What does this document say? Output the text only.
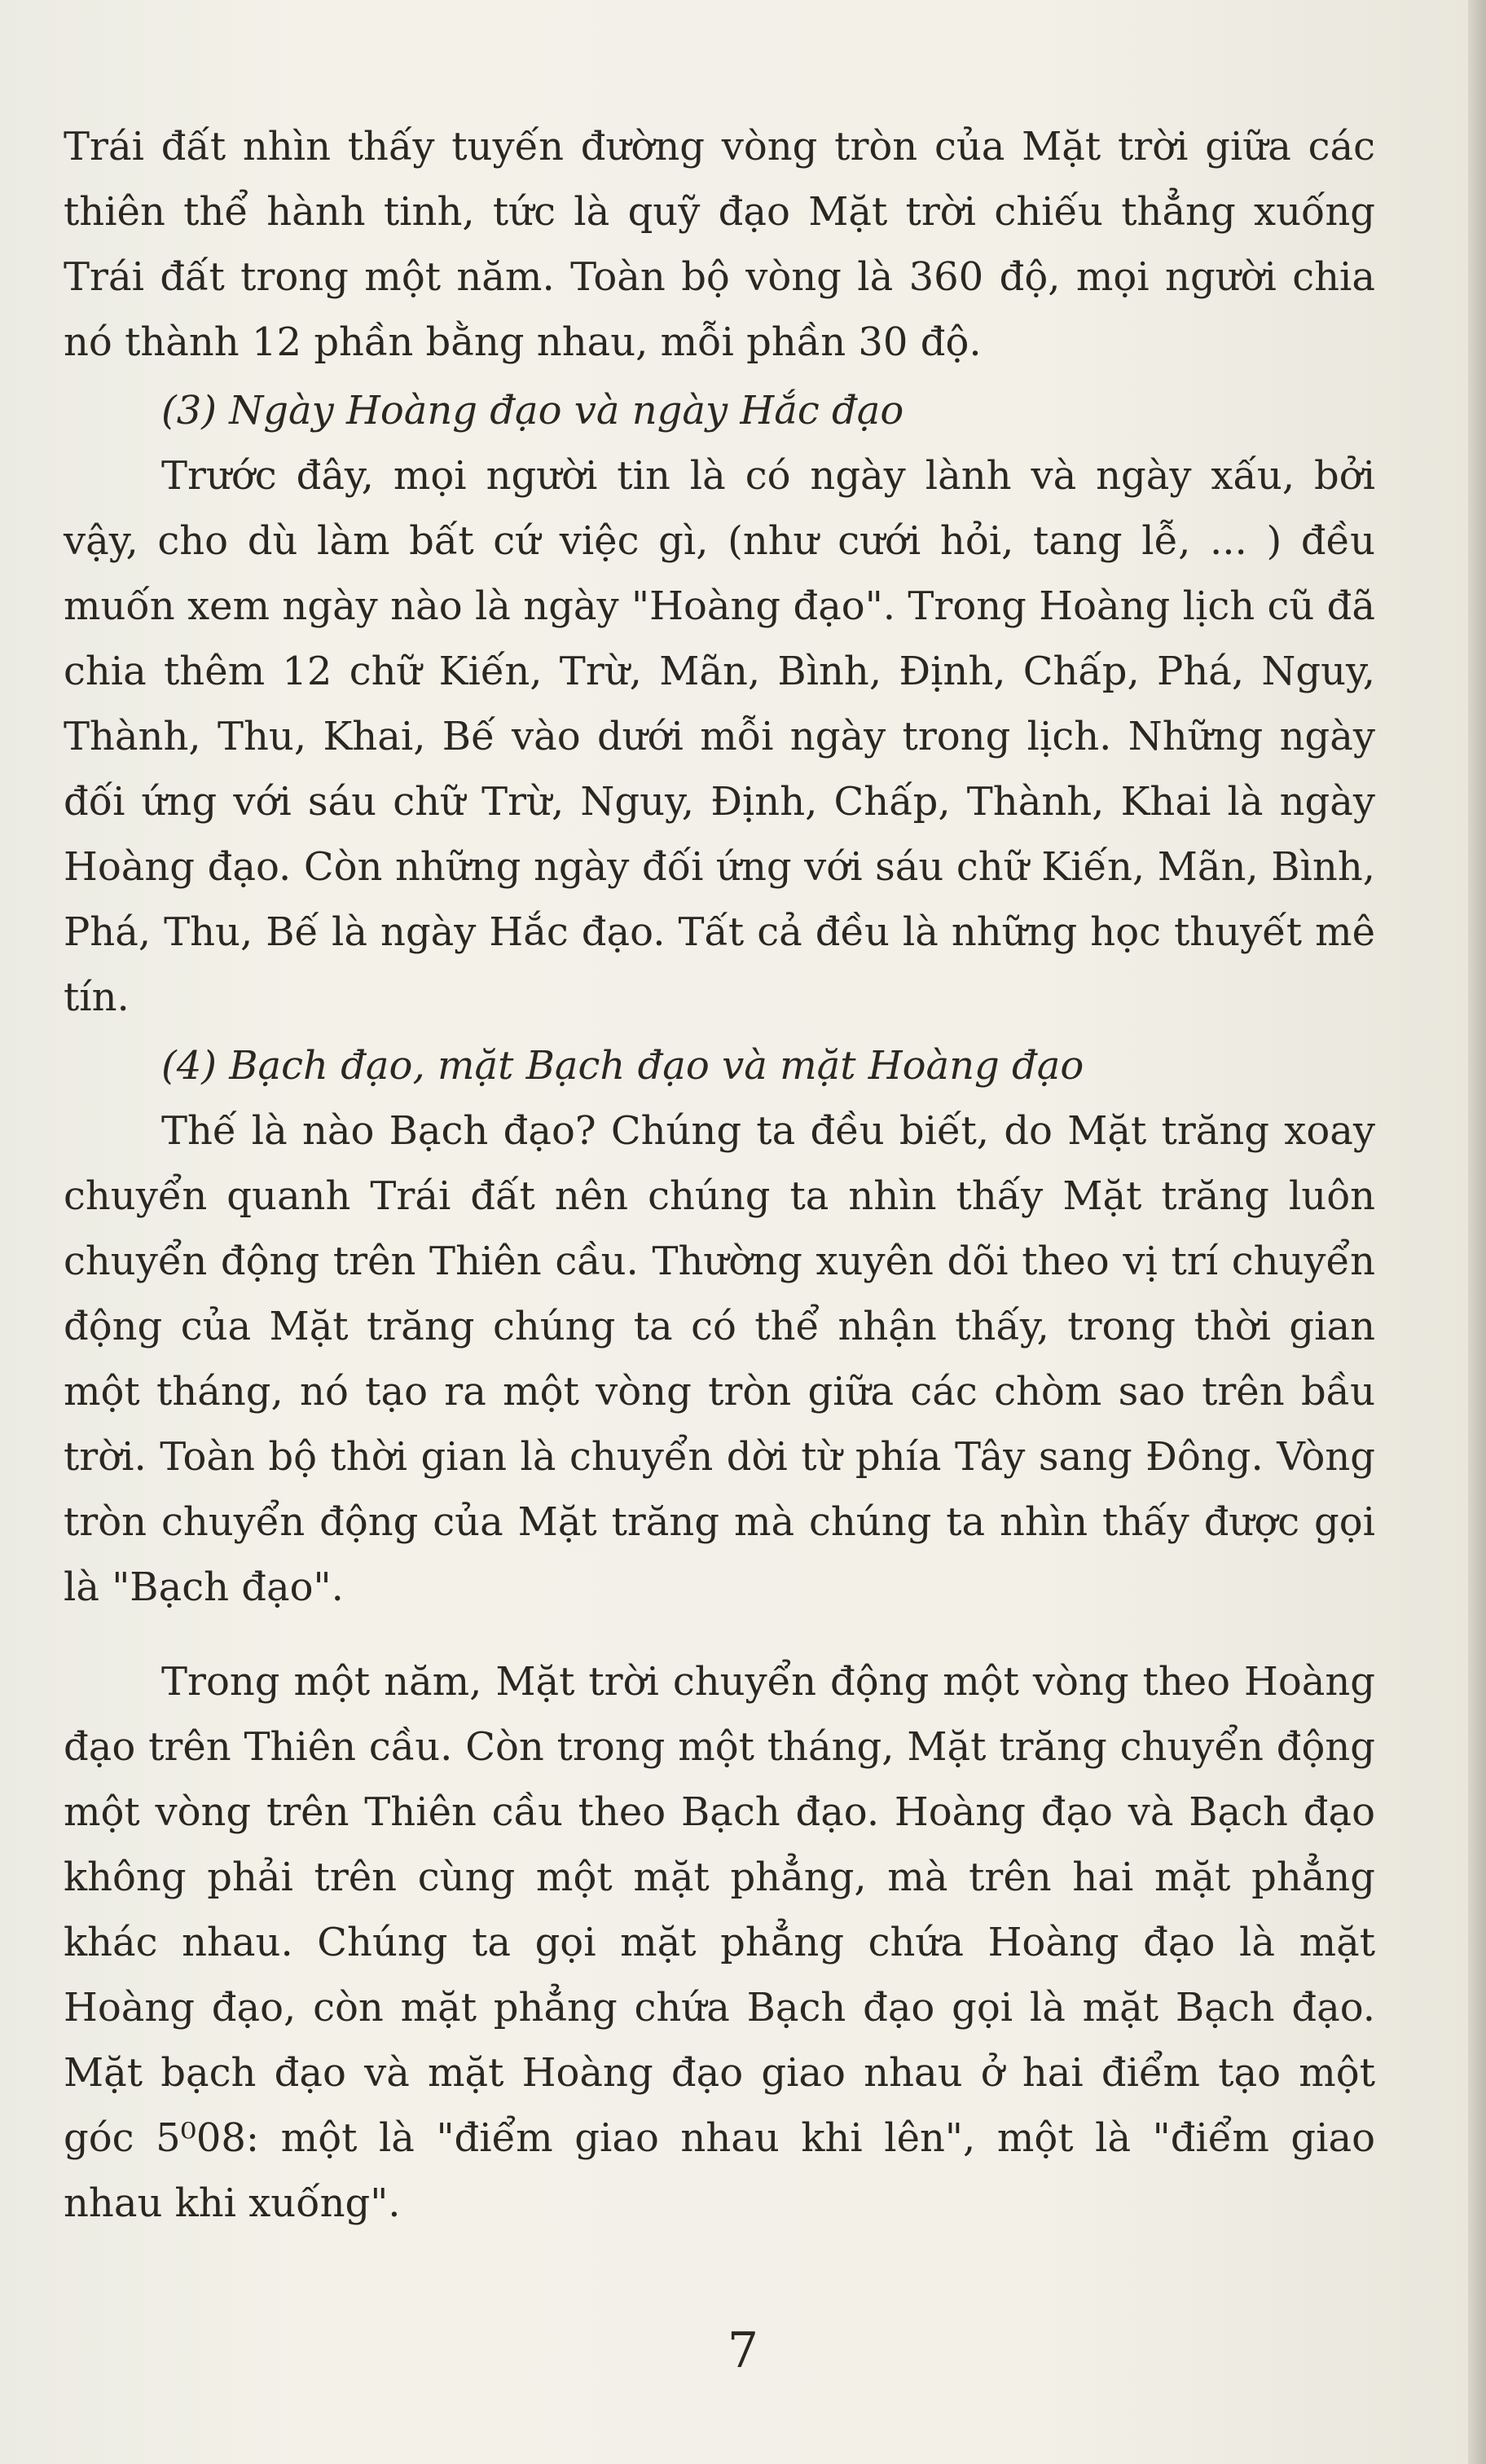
Trái đất nhìn thấy tuyến đường vòng tròn của Mặt trời giữa các thiên thể hành tinh, tức là quỹ đạo Mặt trời chiếu thẳng xuống Trái đất trong một năm. Toàn bộ vòng là 360 độ, mọi người chia nó thành 12 phần bằng nhau, mỗi phần 30 độ.

(3) Ngày Hoàng đạo và ngày Hắc đạo

Trước đây, mọi người tin là có ngày lành và ngày xấu, bởi vậy, cho dù làm bất cứ việc gì, (như cưới hỏi, tang lễ, ... ) đều muốn xem ngày nào là ngày "Hoàng đạo". Trong Hoàng lịch cũ đã chia thêm 12 chữ Kiến, Trừ, Mãn, Bình, Định, Chấp, Phá, Nguy, Thành, Thu, Khai, Bế vào dưới mỗi ngày trong lịch. Những ngày đối ứng với sáu chữ Trừ, Nguy, Định, Chấp, Thành, Khai là ngày Hoàng đạo. Còn những ngày đối ứng với sáu chữ Kiến, Mãn, Bình, Phá, Thu, Bế là ngày Hắc đạo. Tất cả đều là những học thuyết mê tín.

(4) Bạch đạo, mặt Bạch đạo và mặt Hoàng đạo

Thế là nào Bạch đạo? Chúng ta đều biết, do Mặt trăng xoay chuyển quanh Trái đất nên chúng ta nhìn thấy Mặt trăng luôn chuyển động trên Thiên cầu. Thường xuyên dõi theo vị trí chuyển động của Mặt trăng chúng ta có thể nhận thấy, trong thời gian một tháng, nó tạo ra một vòng tròn giữa các chòm sao trên bầu trời. Toàn bộ thời gian là chuyển dời từ phía Tây sang Đông. Vòng tròn chuyển động của Mặt trăng mà chúng ta nhìn thấy được gọi là "Bạch đạo".

Trong một năm, Mặt trời chuyển động một vòng theo Hoàng đạo trên Thiên cầu. Còn trong một tháng, Mặt trăng chuyển động một vòng trên Thiên cầu theo Bạch đạo. Hoàng đạo và Bạch đạo không phải trên cùng một mặt phẳng, mà trên hai mặt phẳng khác nhau. Chúng ta gọi mặt phẳng chứa Hoàng đạo là mặt Hoàng đạo, còn mặt phẳng chứa Bạch đạo gọi là mặt Bạch đạo. Mặt bạch đạo và mặt Hoàng đạo giao nhau ở hai điểm tạo một góc 5⁰08: một là "điểm giao nhau khi lên", một là "điểm giao nhau khi xuống".

7
